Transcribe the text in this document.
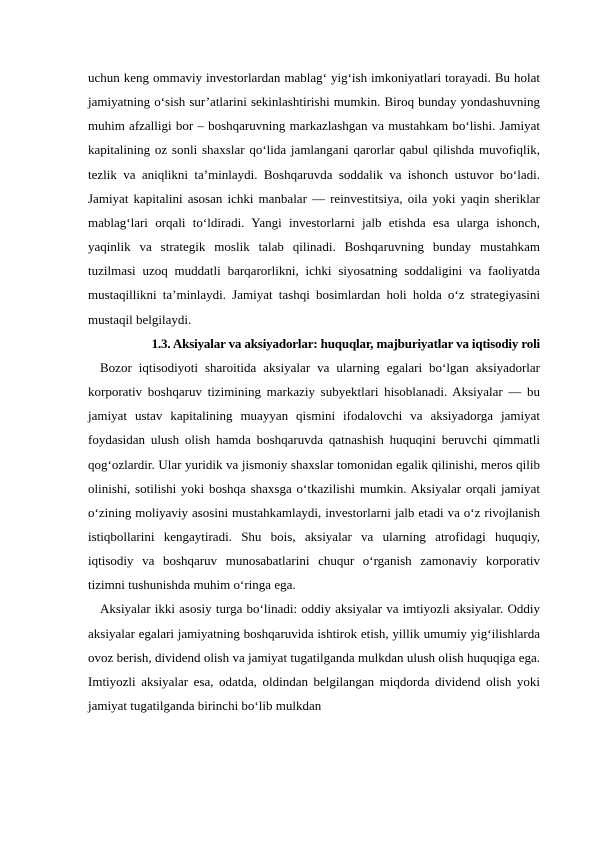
uchun keng ommaviy investorlardan mablag‘ yig‘ish imkoniyatlari torayadi. Bu holat jamiyatning o‘sish sur’atlarini sekinlashtirishi mumkin. Biroq bunday yondashuvning muhim afzalligi bor – boshqaruvning markazlashgan va mustahkam bo‘lishi. Jamiyat kapitalining oz sonli shaxslar qo‘lida jamlangani qarorlar qabul qilishda muvofiqlik, tezlik va aniqlikni ta’minlaydi. Boshqaruvda soddalik va ishonch ustuvor bo‘ladi. Jamiyat kapitalini asosan ichki manbalar — reinvestitsiya, oila yoki yaqin sheriklar mablag‘lari orqali to‘ldiradi. Yangi investorlarni jalb etishda esa ularga ishonch, yaqinlik va strategik moslik talab qilinadi. Boshqaruvning bunday mustahkam tuzilmasi uzoq muddatli barqarorlikni, ichki siyosatning soddaligini va faoliyatda mustaqillikni ta’minlaydi. Jamiyat tashqi bosimlardan holi holda o‘z strategiyasini mustaqil belgilaydi.

1.3. Aksiyalar va aksiyadorlar: huquqlar, majburiyatlar va iqtisodiy roli

Bozor iqtisodiyoti sharoitida aksiyalar va ularning egalari bo‘lgan aksiyadorlar korporativ boshqaruv tizimining markaziy subyektlari hisoblanadi. Aksiyalar — bu jamiyat ustav kapitalining muayyan qismini ifodalovchi va aksiyadorga jamiyat foydasidan ulush olish hamda boshqaruvda qatnashish huquqini beruvchi qimmatli qog‘ozlardir. Ular yuridik va jismoniy shaxslar tomonidan egalik qilinishi, meros qilib olinishi, sotilishi yoki boshqa shaxsga o‘tkazilishi mumkin. Aksiyalar orqali jamiyat o‘zining moliyaviy asosini mustahkamlaydi, investorlarni jalb etadi va o‘z rivojlanish istiqbollarini kengaytiradi. Shu bois, aksiyalar va ularning atrofidagi huquqiy, iqtisodiy va boshqaruv munosabatlarini chuqur o‘rganish zamonaviy korporativ tizimni tushunishda muhim o‘ringa ega.

Aksiyalar ikki asosiy turga bo‘linadi: oddiy aksiyalar va imtiyozli aksiyalar. Oddiy aksiyalar egalari jamiyatning boshqaruvida ishtirok etish, yillik umumiy yig‘ilishlarda ovoz berish, dividend olish va jamiyat tugatilganda mulkdan ulush olish huquqiga ega. Imtiyozli aksiyalar esa, odatda, oldindan belgilangan miqdorda dividend olish yoki jamiyat tugatilganda birinchi bo‘lib mulkdan
